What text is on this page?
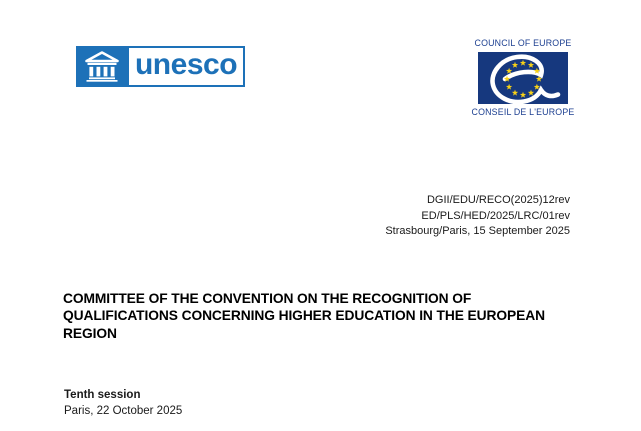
unesco
COUNCIL OF EUROPE
CONSEIL DE L'EUROPE
DGII/EDU/RECO(2025)12rev
ED/PLS/HED/2025/LRC/01rev
Strasbourg/Paris, 15 September 2025
COMMITTEE OF THE CONVENTION ON THE RECOGNITION OF
QUALIFICATIONS CONCERNING HIGHER EDUCATION IN THE EUROPEAN
REGION
Tenth session
Paris, 22 October 2025
